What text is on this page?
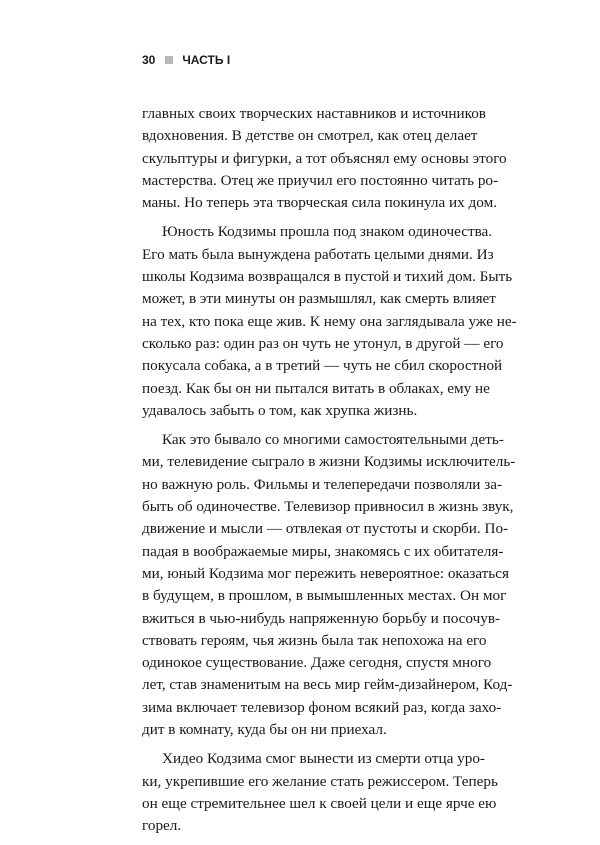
30 ЧАСТЬ I
главных своих творческих наставников и источников
вдохновения. В детстве он смотрел, как отец делает
скульптуры и фигурки, а тот объяснял ему основы этого
мастерства. Отец же приучил его постоянно читать ро-
маны. Но теперь эта творческая сила покинула их дом.
Юность Кодзимы прошла под знаком одиночества.
Его мать была вынуждена работать целыми днями. Из
школы Кодзима возвращался в пустой и тихий дом. Быть
может, в эти минуты он размышлял, как смерть влияет
на тех, кто пока еще жив. К нему она заглядывала уже не-
сколько раз: один раз он чуть не утонул, в другой — его
покусала собака, а в третий — чуть не сбил скоростной
поезд. Как бы он ни пытался витать в облаках, ему не
удавалось забыть о том, как хрупка жизнь.
Как это бывало со многими самостоятельными деть-
ми, телевидение сыграло в жизни Кодзимы исключитель-
но важную роль. Фильмы и телепередачи позволяли за-
быть об одиночестве. Телевизор привносил в жизнь звук,
движение и мысли — отвлекая от пустоты и скорби. По-
падая в воображаемые миры, знакомясь с их обитателя-
ми, юный Кодзима мог пережить невероятное: оказаться
в будущем, в прошлом, в вымышленных местах. Он мог
вжиться в чью-нибудь напряженную борьбу и посочув-
ствовать героям, чья жизнь была так непохожа на его
одинокое существование. Даже сегодня, спустя много
лет, став знаменитым на весь мир гейм-дизайнером, Код-
зима включает телевизор фоном всякий раз, когда захо-
дит в комнату, куда бы он ни приехал.
Хидео Кодзима смог вынести из смерти отца уро-
ки, укрепившие его желание стать режиссером. Теперь
он еще стремительнее шел к своей цели и еще ярче ею
горел.
